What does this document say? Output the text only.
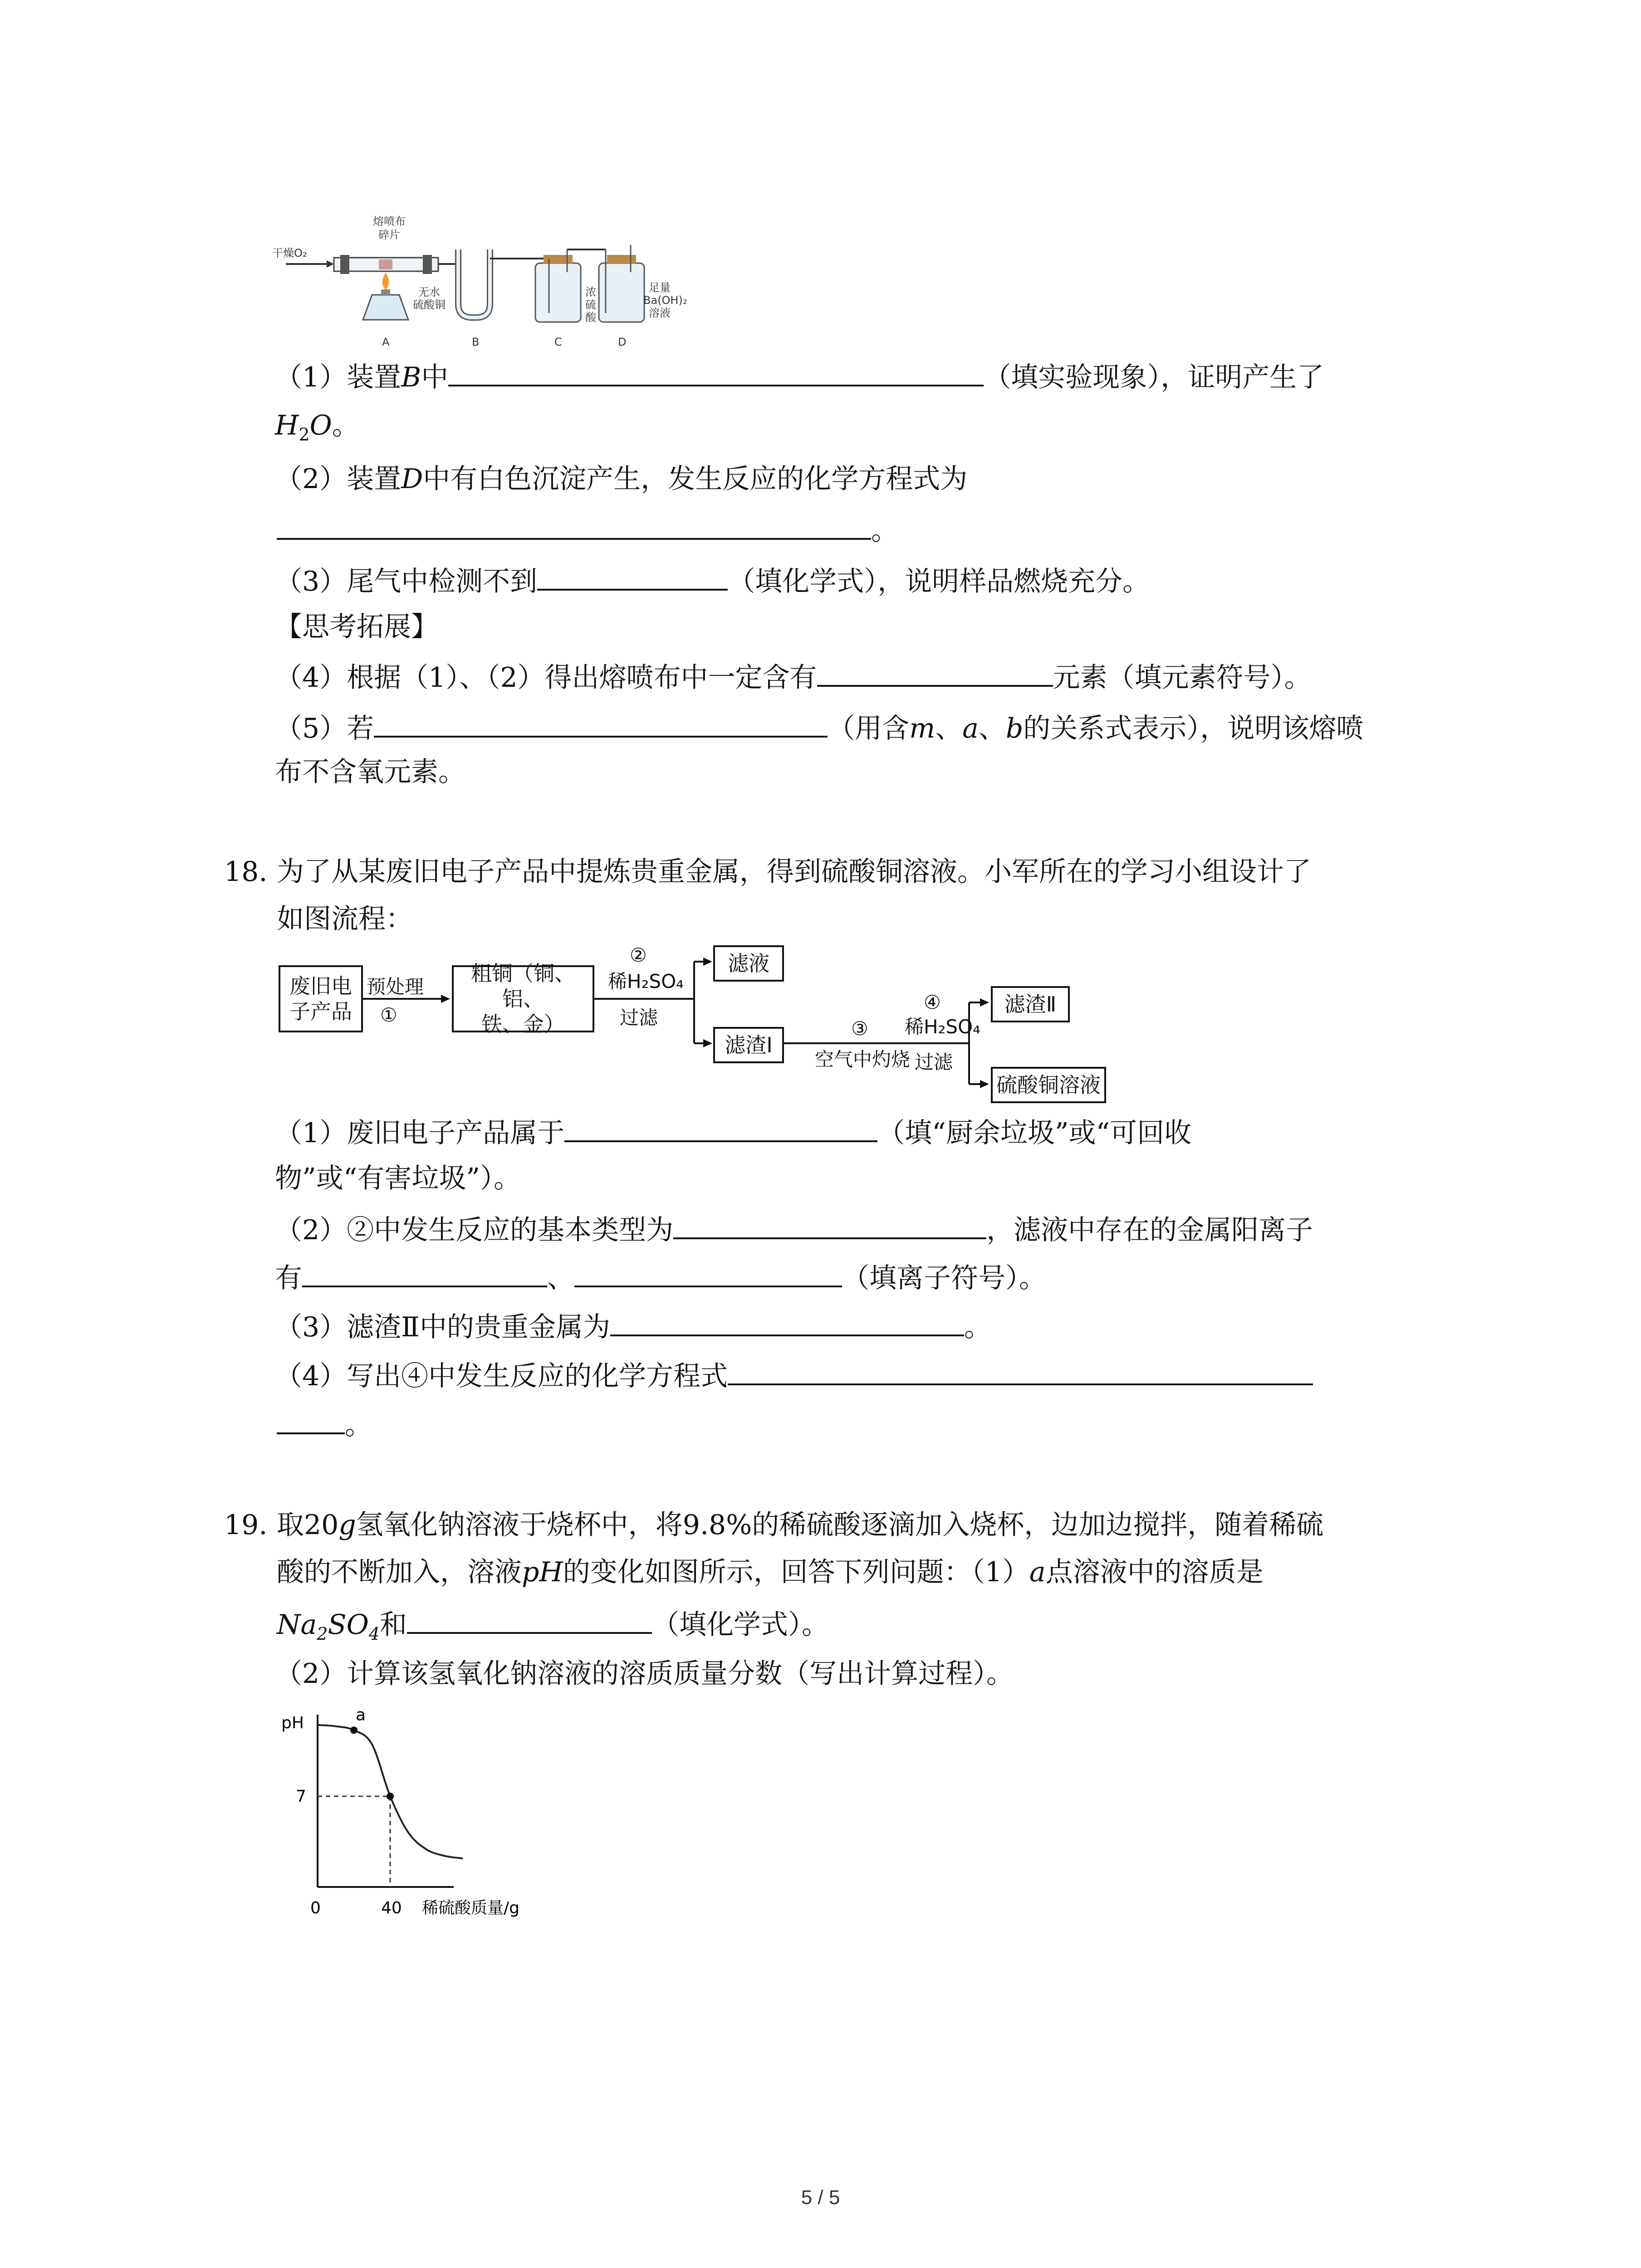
干燥O₂
熔喷布
碎片
无水
硫酸铜
浓
硫
酸
足量
Ba(OH)₂
溶液
A	B	C	D
（1）装置B中	（填实验现象），证明产生了
$H_2O$。
（2）装置D中有白色沉淀产生，发生反应的化学方程式为
。
（3）尾气中检测不到	（填化学式），说明样品燃烧充分。
【思考拓展】
（4）根据（1）、（2）得出熔喷布中一定含有	元素（填元素符号）。
（5）若	（用含m、a、b的关系式表示），说明该熔喷
布不含氧元素。
18. 为了从某废旧电子产品中提炼贵重金属，得到硫酸铜溶液。小军所在的学习小组设计了
如图流程：
废旧电
子产品
预处理
①
粗铜（铜、铝、
铁、金）
②
稀H₂SO₄
过滤
滤液
滤渣Ⅰ
③
空气中灼烧
④
稀H₂SO₄
过滤
滤渣Ⅱ
硫酸铜溶液
（1）废旧电子产品属于	（填“厨余垃圾”或“可回收
物”或“有害垃圾”）。
（2）②中发生反应的基本类型为	，滤液中存在的金属阳离子
有	、	（填离子符号）。
（3）滤渣Ⅱ中的贵重金属为	。
（4）写出④中发生反应的化学方程式
。
19. 取20g氢氧化钠溶液于烧杯中，将9.8%的稀硫酸逐滴加入烧杯，边加边搅拌，随着稀硫
酸的不断加入，溶液pH的变化如图所示，回答下列问题：（1）a点溶液中的溶质是
$Na_2SO_4$和	（填化学式）。
（2）计算该氢氧化钠溶液的溶质质量分数（写出计算过程）。
pH	a
7
0	40 稀硫酸质量/g
5 / 5
